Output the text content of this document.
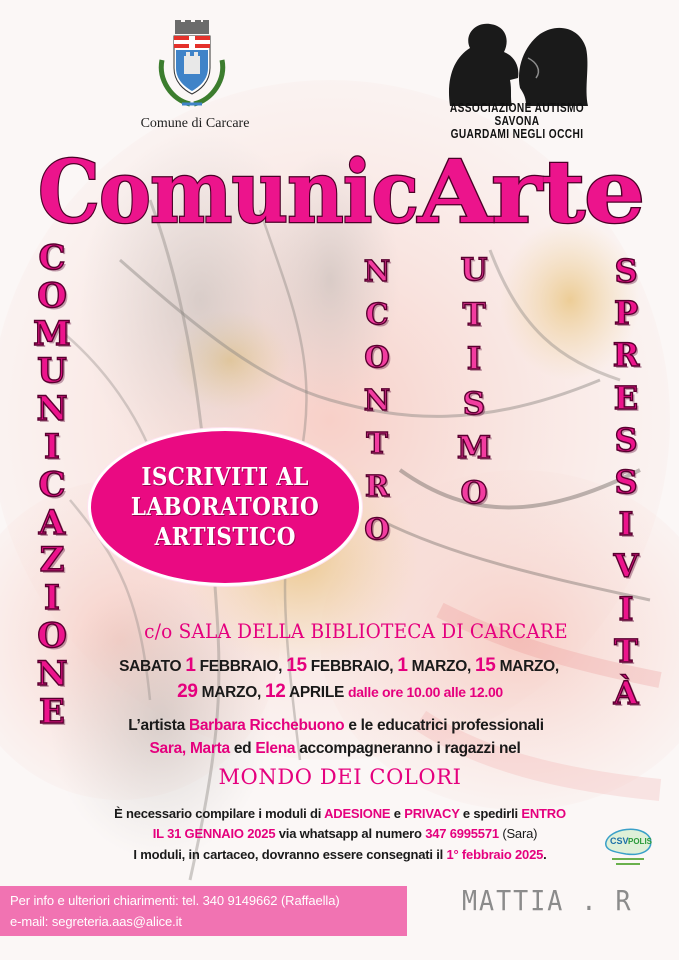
Comune di Carcare
ASSOCIAZIONE AUTISMO SAVONA
GUARDAMI NEGLI OCCHI
Comunic
Arte
C
O
M
U
N
I
C
A
Z
I
O
N
E
N
C
O
N
T
R
O
U
T
I
S
M
O
S
P
R
E
S
S
I
V
I
T
À
ISCRIVITI AL
LABORATORIO
ARTISTICO
c/o SALA DELLA BIBLIOTECA DI CARCARE
SABATO 1 FEBBRAIO, 15 FEBBRAIO, 1 MARZO, 15 MARZO,
29 MARZO, 12 APRILE dalle ore 10.00 alle 12.00
L’artista Barbara Ricchebuono e le educatrici professionali
Sara, Marta ed Elena accompagneranno i ragazzi nel
MONDO DEI COLORI
È necessario compilare i moduli di ADESIONE e PRIVACY e spedirli ENTRO
IL 31 GENNAIO 2025 via whatsapp al numero 347 6995571 (Sara)
I moduli, in cartaceo, dovranno essere consegnati il 1° febbraio 2025.
CSV POLIS
Per info e ulteriori chiarimenti: tel. 340 9149662 (Raffaella)
e-mail: segreteria.aas@alice.it
MATTIA . R
